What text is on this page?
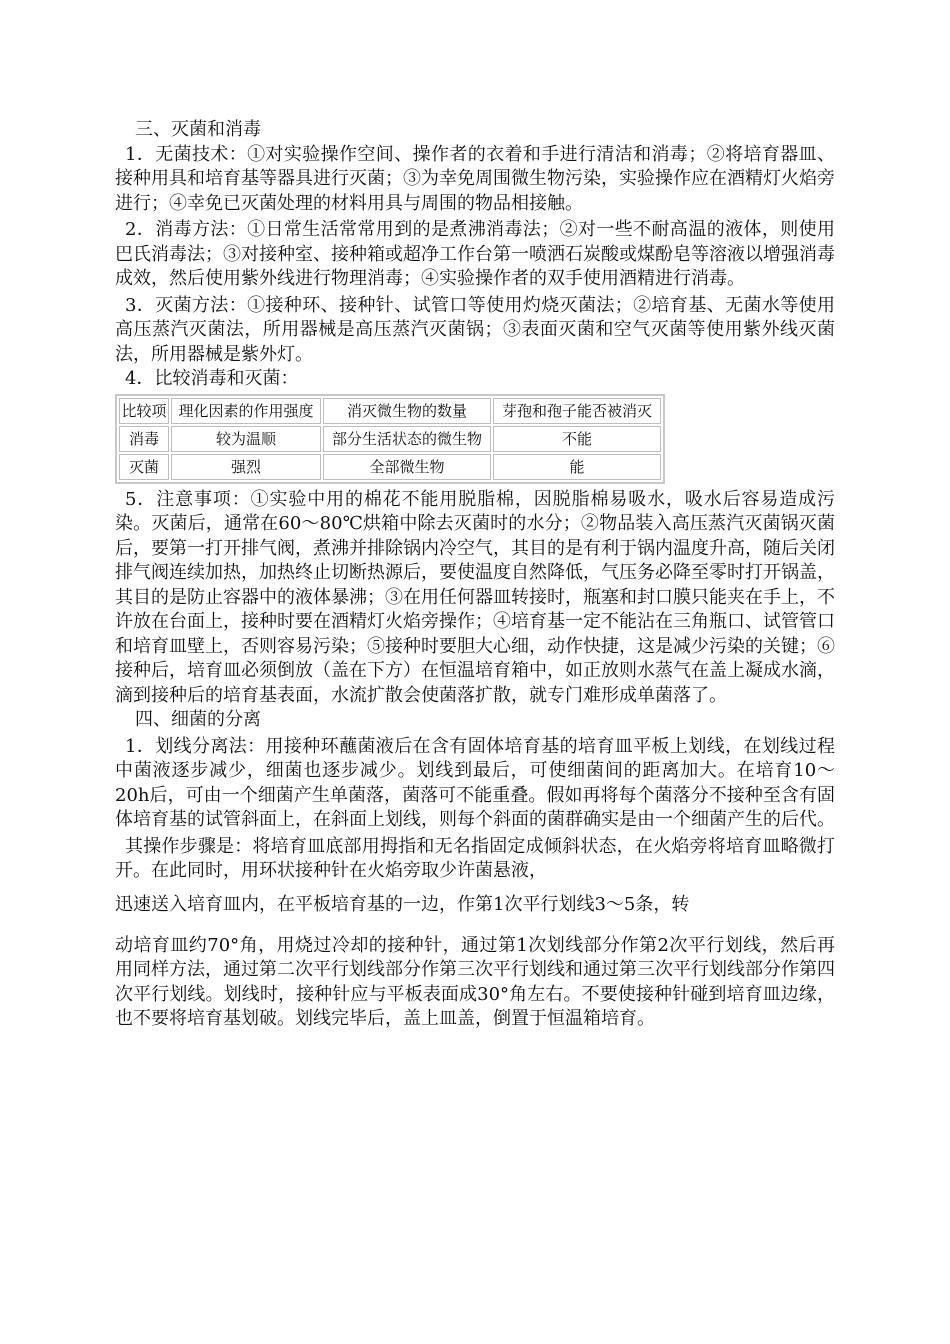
三、灭菌和消毒

1．无菌技术：①对实验操作空间、操作者的衣着和手进行清洁和消毒；②将培育器皿、接种用具和培育基等器具进行灭菌；③为幸免周围微生物污染，实验操作应在酒精灯火焰旁进行；④幸免已灭菌处理的材料用具与周围的物品相接触。

2．消毒方法：①日常生活常常用到的是煮沸消毒法；②对一些不耐高温的液体，则使用巴氏消毒法；③对接种室、接种箱或超净工作台第一喷洒石炭酸或煤酚皂等溶液以增强消毒成效，然后使用紫外线进行物理消毒；④实验操作者的双手使用酒精进行消毒。

3．灭菌方法：①接种环、接种针、试管口等使用灼烧灭菌法；②培育基、无菌水等使用高压蒸汽灭菌法，所用器械是高压蒸汽灭菌锅；③表面灭菌和空气灭菌等使用紫外线灭菌法，所用器械是紫外灯。

4．比较消毒和灭菌：

比较项	理化因素的作用强度	消灭微生物的数量	芽孢和孢子能否被消灭
消毒	较为温顺	部分生活状态的微生物	不能
灭菌	强烈	全部微生物	能

5．注意事项：①实验中用的棉花不能用脱脂棉，因脱脂棉易吸水，吸水后容易造成污染。灭菌后，通常在60～80℃烘箱中除去灭菌时的水分；②物品装入高压蒸汽灭菌锅灭菌后，要第一打开排气阀，煮沸并排除锅内冷空气，其目的是有利于锅内温度升高，随后关闭排气阀连续加热，加热终止切断热源后，要使温度自然降低，气压务必降至零时打开锅盖，其目的是防止容器中的液体暴沸；③在用任何器皿转接时，瓶塞和封口膜只能夹在手上，不许放在台面上，接种时要在酒精灯火焰旁操作；④培育基一定不能沾在三角瓶口、试管管口和培育皿壁上，否则容易污染；⑤接种时要胆大心细，动作快捷，这是减少污染的关键；⑥接种后，培育皿必须倒放（盖在下方）在恒温培育箱中，如正放则水蒸气在盖上凝成水滴，滴到接种后的培育基表面，水流扩散会使菌落扩散，就专门难形成单菌落了。

四、细菌的分离

1．划线分离法：用接种环蘸菌液后在含有固体培育基的培育皿平板上划线，在划线过程中菌液逐步减少，细菌也逐步减少。划线到最后，可使细菌间的距离加大。在培育10～20h后，可由一个细菌产生单菌落，菌落可不能重叠。假如再将每个菌落分不接种至含有固体培育基的试管斜面上，在斜面上划线，则每个斜面的菌群确实是由一个细菌产生的后代。

其操作步骤是：将培育皿底部用拇指和无名指固定成倾斜状态，在火焰旁将培育皿略微打开。在此同时，用环状接种针在火焰旁取少许菌悬液，

迅速送入培育皿内，在平板培育基的一边，作第1次平行划线3～5条，转

动培育皿约70°角，用烧过冷却的接种针，通过第1次划线部分作第2次平行划线，然后再用同样方法，通过第二次平行划线部分作第三次平行划线和通过第三次平行划线部分作第四次平行划线。划线时，接种针应与平板表面成30°角左右。不要使接种针碰到培育皿边缘，也不要将培育基划破。划线完毕后，盖上皿盖，倒置于恒温箱培育。
